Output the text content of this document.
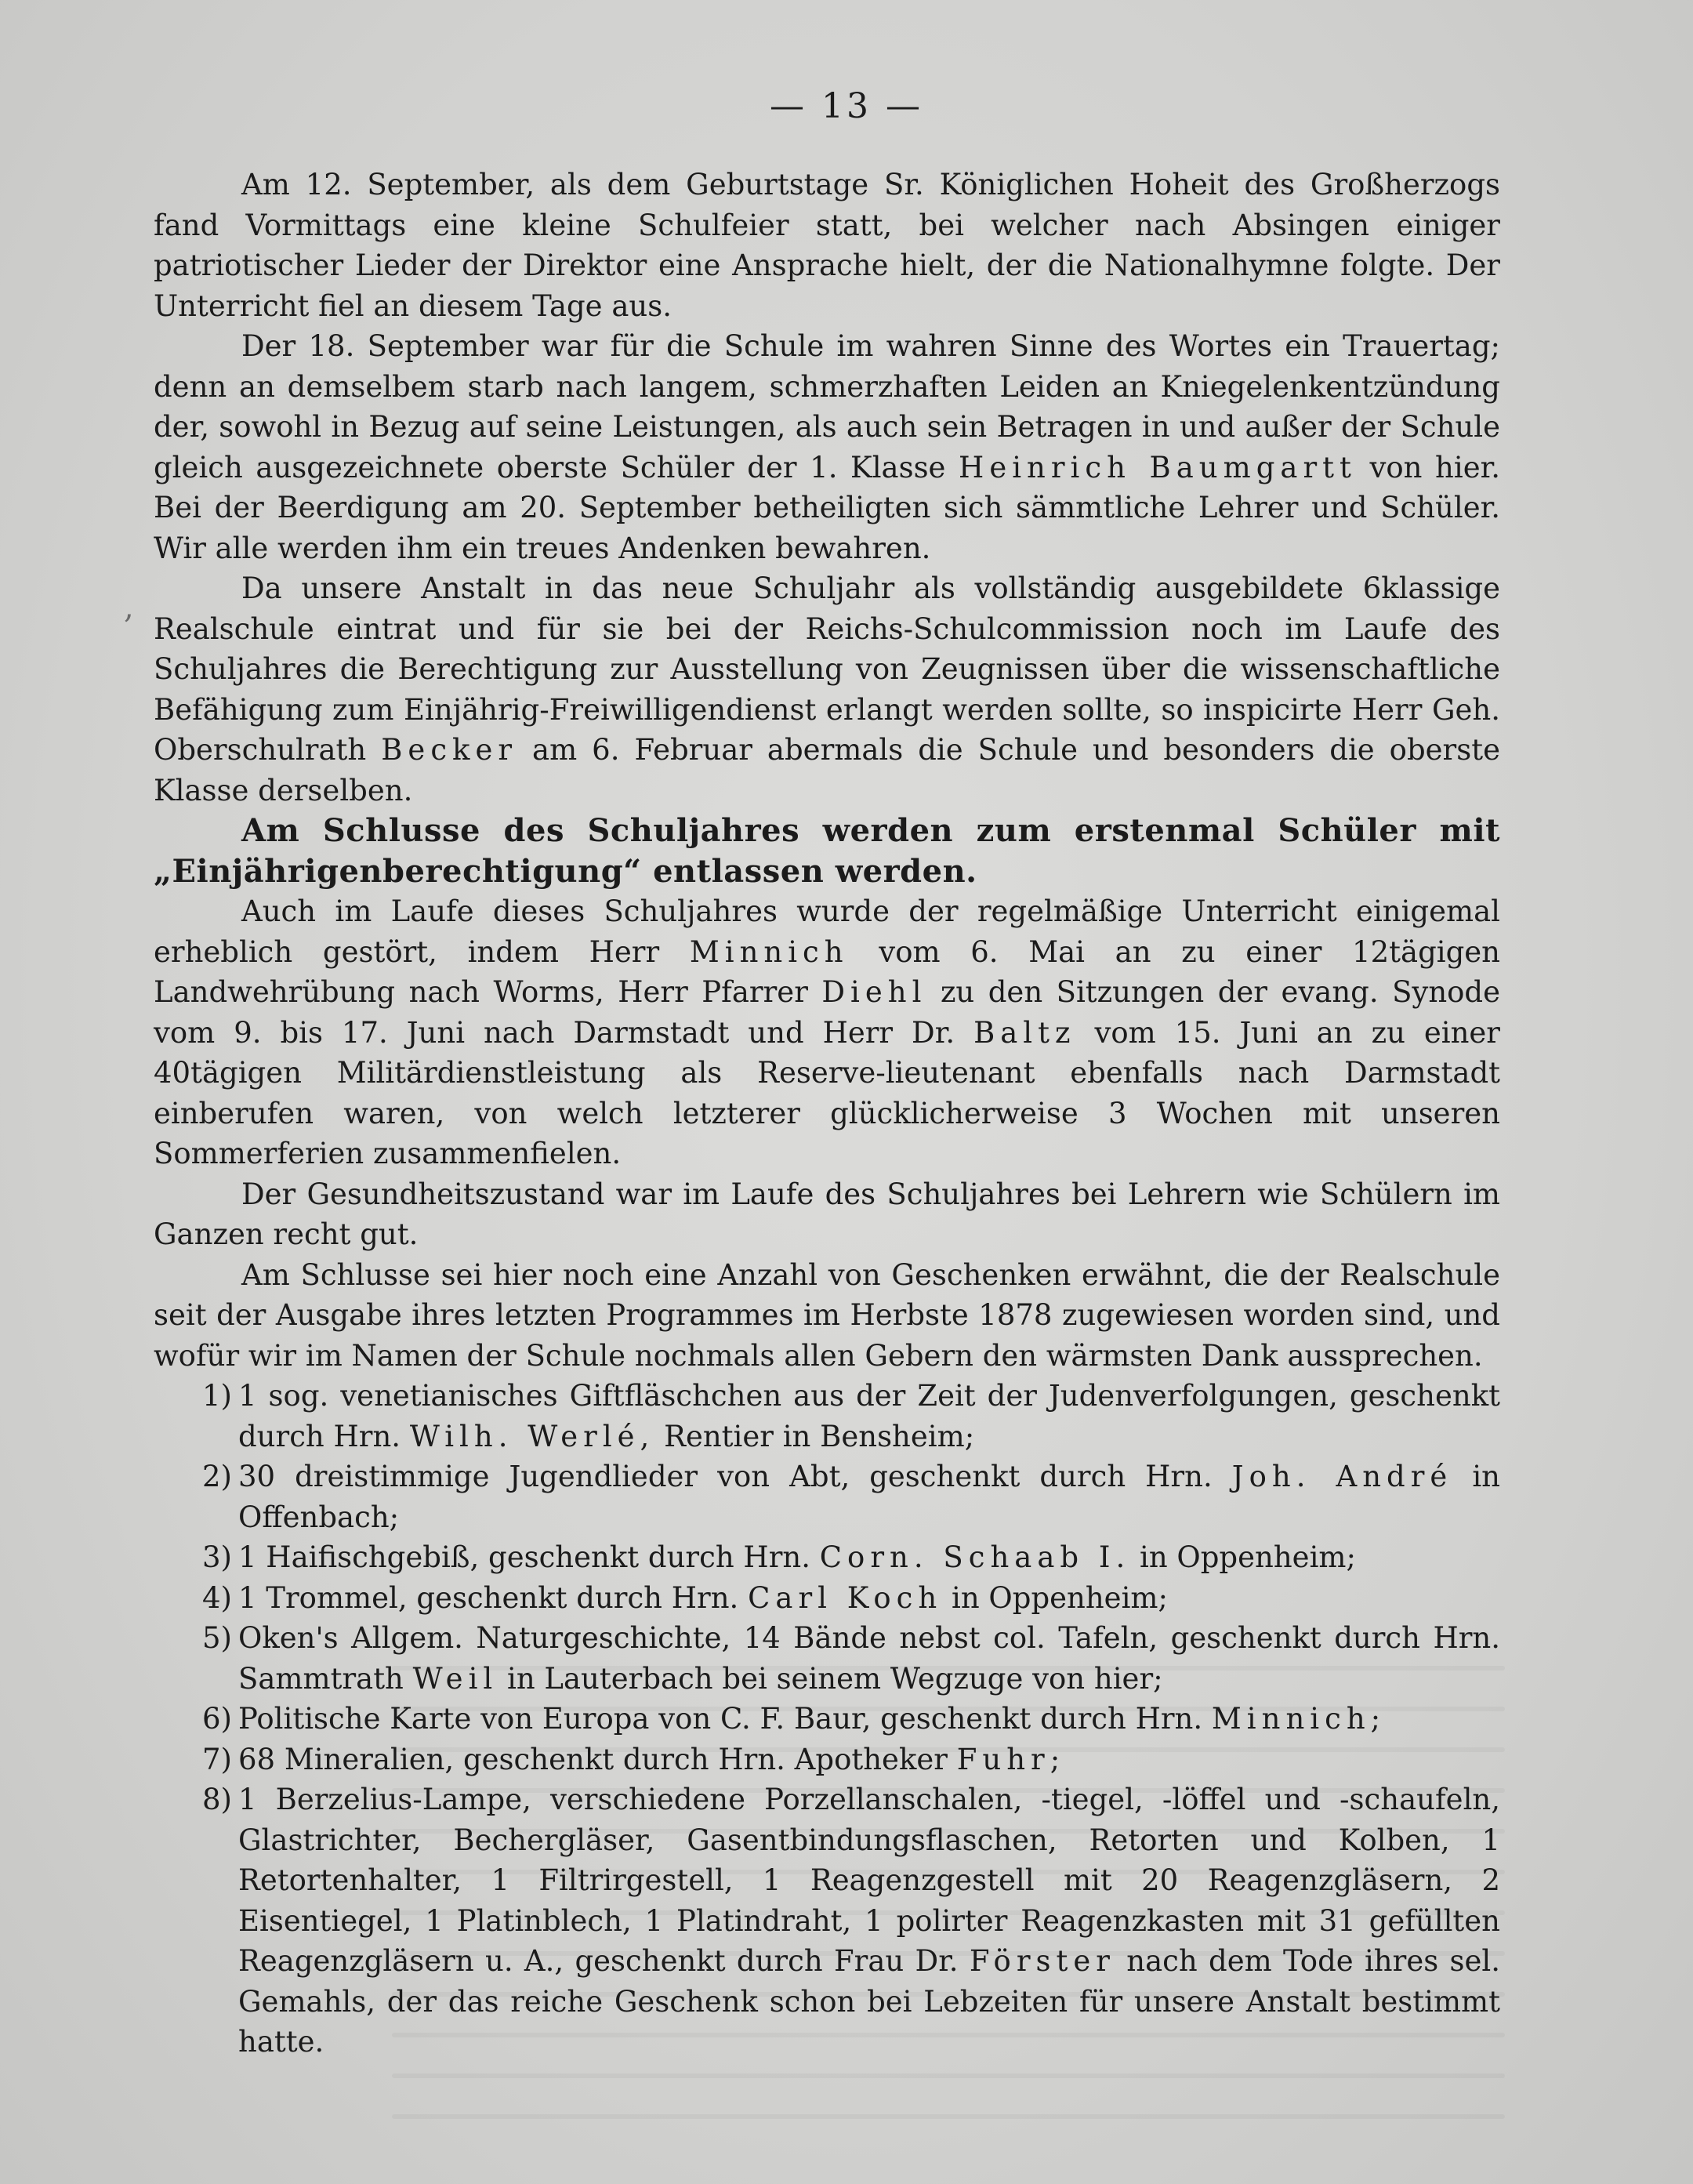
,
— 13 —

Am 12. September, als dem Geburtstage Sr. Königlichen Hoheit des Großherzogs fand Vormittags eine kleine Schulfeier statt, bei welcher nach Absingen einiger patriotischer Lieder der Direktor eine Ansprache hielt, der die Nationalhymne folgte. Der Unterricht fiel an diesem Tage aus.

Der 18. September war für die Schule im wahren Sinne des Wortes ein Trauertag; denn an demselbem starb nach langem, schmerzhaften Leiden an Kniegelenkentzündung der, sowohl in Bezug auf seine Leistungen, als auch sein Betragen in und außer der Schule gleich ausgezeichnete oberste Schüler der 1. Klasse Heinrich Baumgartt von hier. Bei der Beerdigung am 20. September betheiligten sich sämmtliche Lehrer und Schüler. Wir alle werden ihm ein treues Andenken bewahren.

Da unsere Anstalt in das neue Schuljahr als vollständig ausgebildete 6klassige Realschule eintrat und für sie bei der Reichs-Schulcommission noch im Laufe des Schuljahres die Berechtigung zur Ausstellung von Zeugnissen über die wissenschaftliche Befähigung zum Einjährig-Freiwilligendienst erlangt werden sollte, so inspicirte Herr Geh. Oberschulrath Becker am 6. Februar abermals die Schule und besonders die oberste Klasse derselben.

Am Schlusse des Schuljahres werden zum erstenmal Schüler mit „Einjährigenberechtigung“ entlassen werden.

Auch im Laufe dieses Schuljahres wurde der regelmäßige Unterricht einigemal erheblich gestört, indem Herr Minnich vom 6. Mai an zu einer 12tägigen Landwehrübung nach Worms, Herr Pfarrer Diehl zu den Sitzungen der evang. Synode vom 9. bis 17. Juni nach Darmstadt und Herr Dr. Baltz vom 15. Juni an zu einer 40tägigen Militärdienstleistung als Reserve-lieutenant ebenfalls nach Darmstadt einberufen waren, von welch letzterer glücklicherweise 3 Wochen mit unseren Sommerferien zusammenfielen.

Der Gesundheitszustand war im Laufe des Schuljahres bei Lehrern wie Schülern im Ganzen recht gut.

Am Schlusse sei hier noch eine Anzahl von Geschenken erwähnt, die der Realschule seit der Ausgabe ihres letzten Programmes im Herbste 1878 zugewiesen worden sind, und wofür wir im Namen der Schule nochmals allen Gebern den wärmsten Dank aussprechen.

1) 1 sog. venetianisches Giftfläschchen aus der Zeit der Judenverfolgungen, geschenkt durch Hrn. Wilh. Werlé, Rentier in Bensheim;
2) 30 dreistimmige Jugendlieder von Abt, geschenkt durch Hrn. Joh. André in Offenbach;
3) 1 Haifischgebiß, geschenkt durch Hrn. Corn. Schaab I. in Oppenheim;
4) 1 Trommel, geschenkt durch Hrn. Carl Koch in Oppenheim;
5) Oken's Allgem. Naturgeschichte, 14 Bände nebst col. Tafeln, geschenkt durch Hrn. Sammtrath Weil in Lauterbach bei seinem Wegzuge von hier;
6) Politische Karte von Europa von C. F. Baur, geschenkt durch Hrn. Minnich;
7) 68 Mineralien, geschenkt durch Hrn. Apotheker Fuhr;
8) 1 Berzelius-Lampe, verschiedene Porzellanschalen, -tiegel, -löffel und -schaufeln, Glastrichter, Bechergläser, Gasentbindungsflaschen, Retorten und Kolben, 1 Retortenhalter, 1 Filtrirgestell, 1 Reagenzgestell mit 20 Reagenzgläsern, 2 Eisentiegel, 1 Platinblech, 1 Platindraht, 1 polirter Reagenzkasten mit 31 gefüllten Reagenzgläsern u. A., geschenkt durch Frau Dr. Förster nach dem Tode ihres sel. Gemahls, der das reiche Geschenk schon bei Lebzeiten für unsere Anstalt bestimmt hatte.
